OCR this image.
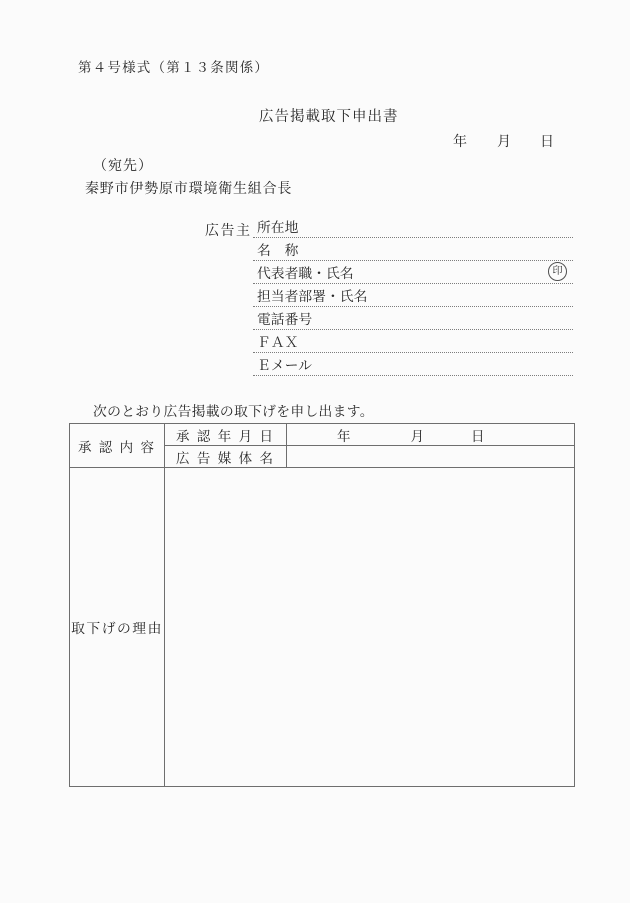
第４号様式（第１３条関係）
広告掲載取下申出書
年 月 日
（宛先）
秦野市伊勢原市環境衛生組合長
広告主 所在地
名　称
代表者職・氏名
担当者部署・氏名
電話番号
ＦＡＸ
Ｅメール
印
次のとおり広告掲載の取下げを申し出ます。
承 認 内 容	承 認 年 月 日	年 月 日
	広 告 媒 体 名	
取下げの理由		
